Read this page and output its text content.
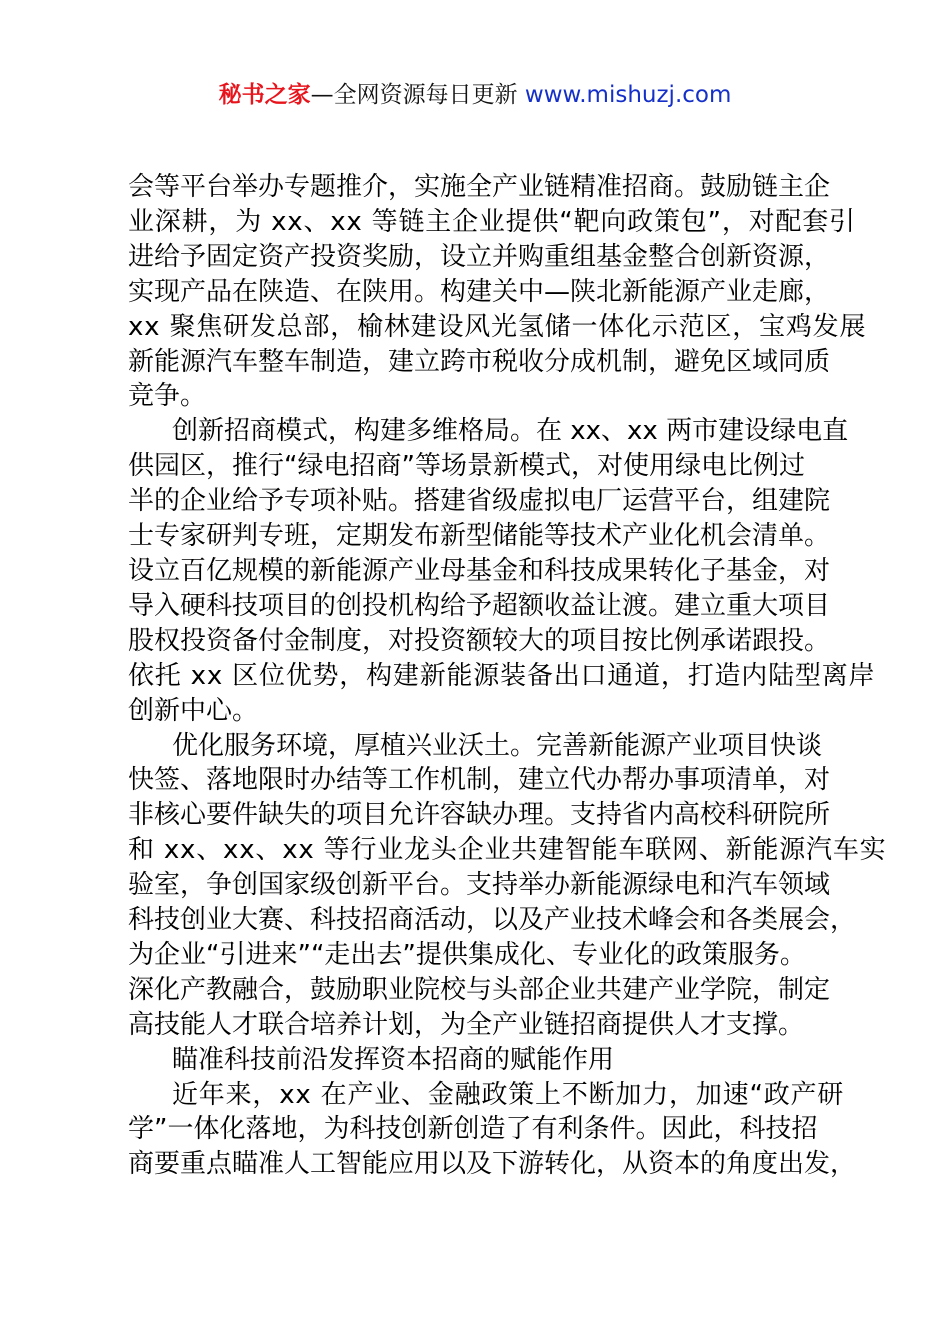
秘书之家—全网资源每日更新 www.mishuzj.com

会等平台举办专题推介，实施全产业链精准招商。鼓励链主企

业深耕，为 xx、xx 等链主企业提供“靶向政策包”，对配套引

进给予固定资产投资奖励，设立并购重组基金整合创新资源，

实现产品在陕造、在陕用。构建关中—陕北新能源产业走廊，

xx 聚焦研发总部，榆林建设风光氢储一体化示范区，宝鸡发展

新能源汽车整车制造，建立跨市税收分成机制，避免区域同质

竞争。

创新招商模式，构建多维格局。在 xx、xx 两市建设绿电直

供园区，推行“绿电招商”等场景新模式，对使用绿电比例过

半的企业给予专项补贴。搭建省级虚拟电厂运营平台，组建院

士专家研判专班，定期发布新型储能等技术产业化机会清单。

设立百亿规模的新能源产业母基金和科技成果转化子基金，对

导入硬科技项目的创投机构给予超额收益让渡。建立重大项目

股权投资备付金制度，对投资额较大的项目按比例承诺跟投。

依托 xx 区位优势，构建新能源装备出口通道，打造内陆型离岸

创新中心。

优化服务环境，厚植兴业沃土。完善新能源产业项目快谈

快签、落地限时办结等工作机制，建立代办帮办事项清单，对

非核心要件缺失的项目允许容缺办理。支持省内高校科研院所

和 xx、xx、xx 等行业龙头企业共建智能车联网、新能源汽车实

验室，争创国家级创新平台。支持举办新能源绿电和汽车领域

科技创业大赛、科技招商活动，以及产业技术峰会和各类展会，

为企业“引进来”“走出去”提供集成化、专业化的政策服务。

深化产教融合，鼓励职业院校与头部企业共建产业学院，制定

高技能人才联合培养计划，为全产业链招商提供人才支撑。

瞄准科技前沿发挥资本招商的赋能作用

近年来，xx 在产业、金融政策上不断加力，加速“政产研

学”一体化落地，为科技创新创造了有利条件。因此，科技招

商要重点瞄准人工智能应用以及下游转化，从资本的角度出发，
